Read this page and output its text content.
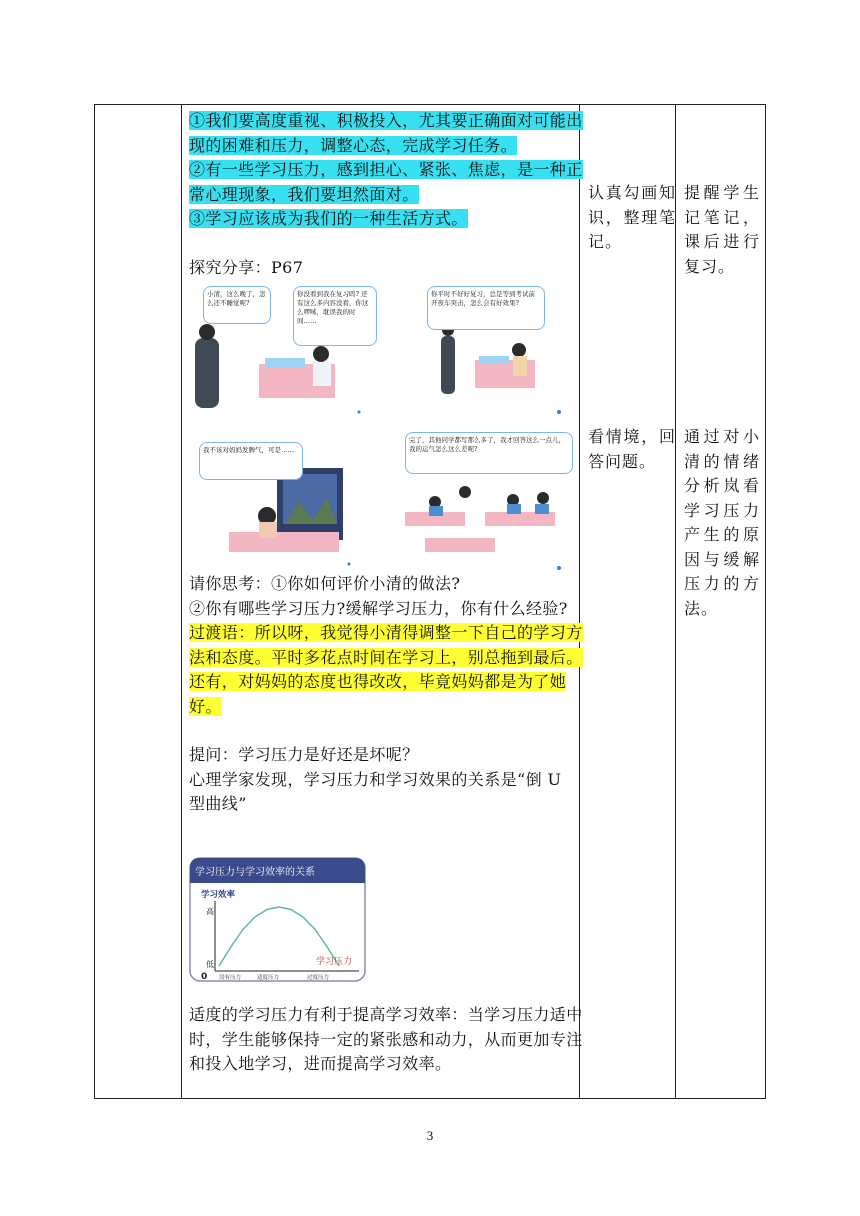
①我们要高度重视、积极投入，尤其要正确面对可能出现的困难和压力，调整心态，完成学习任务。
②有一些学习压力，感到担心、紧张、焦虑，是一种正常心理现象，我们要坦然面对。
③学习应该成为我们的一种生活方式。

探究分享：P67

小清，这么晚了，怎么还不睡觉呢?
你没看到我在复习吗? 还有这么多内容没看，你这么啰嗦，耽误我的时间……
你平时不好好复习，总是等到考试前开夜车突击，怎么会有好效果?
我不该对妈妈发脾气，可是……
完了，其他同学都写那么多了，我才回答这么一点儿，我的运气怎么这么差呢?

请你思考：①你如何评价小清的做法?

②你有哪些学习压力?缓解学习压力，你有什么经验?

过渡语：所以呀，我觉得小清得调整一下自己的学习方法和态度。平时多花点时间在学习上，别总拖到最后。还有，对妈妈的态度也得改改，毕竟妈妈都是为了她好。

提问：学习压力是好还是坏呢？

心理学家发现，学习压力和学习效果的关系是“倒 U 型曲线”

学习压力与学习效率的关系
学习效率
高
低
0
学习压力
没有压力	适度压力	过度压力

适度的学习压力有利于提高学习效率：当学习压力适中时，学生能够保持一定的紧张感和动力，从而更加专注和投入地学习，进而提高学习效率。

认真勾画知识，整理笔记。
看情境，回答问题。
提醒学生记笔记，课后进行复习。
通过对小清的情绪分析岚看学习压力产生的原因与缓解压力的方法。
3
